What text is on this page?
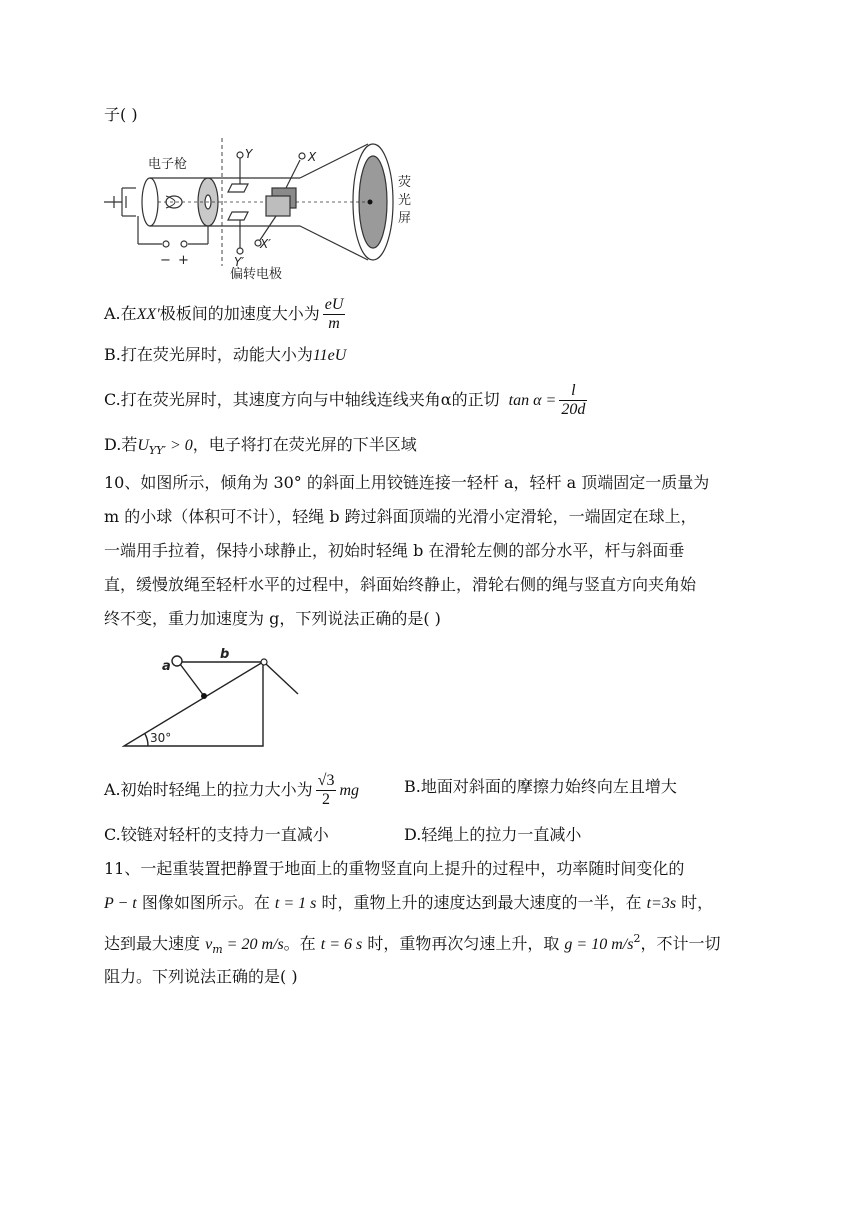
子( )
电子枪
− +
偏转电极
Y
Y′
X
X′
荧
光
屏
A.在XX′极板间的加速度大小为 $\frac{eU}{m}$
B.打在荧光屏时，动能大小为11eU
C.打在荧光屏时，其速度方向与中轴线连线夹角α的正切 $\tan \alpha = \frac{l}{20d}$
D.若$U_{YY'} > 0$，电子将打在荧光屏的下半区域
10、如图所示，倾角为 30° 的斜面上用铰链连接一轻杆 a，轻杆 a 顶端固定一质量为
m 的小球（体积可不计），轻绳 b 跨过斜面顶端的光滑小定滑轮，一端固定在球上，
一端用手拉着，保持小球静止，初始时轻绳 b 在滑轮左侧的部分水平，杆与斜面垂
直，缓慢放绳至轻杆水平的过程中，斜面始终静止，滑轮右侧的绳与竖直方向夹角始
终不变，重力加速度为 g，下列说法正确的是( )
a
b
30°
A.初始时轻绳上的拉力大小为 $\frac{√3}{2}$ mg	B.地面对斜面的摩擦力始终向左且增大
C.铰链对轻杆的支持力一直减小	D.轻绳上的拉力一直减小
11、一起重装置把静置于地面上的重物竖直向上提升的过程中，功率随时间变化的
P − t 图像如图所示。在 t = 1 s 时，重物上升的速度达到最大速度的一半，在 t=3s 时，
达到最大速度 $v_m = 20$ m/s。在 t = 6 s 时，重物再次匀速上升，取 g = 10 $m/s^2$，不计一切
阻力。下列说法正确的是( )
